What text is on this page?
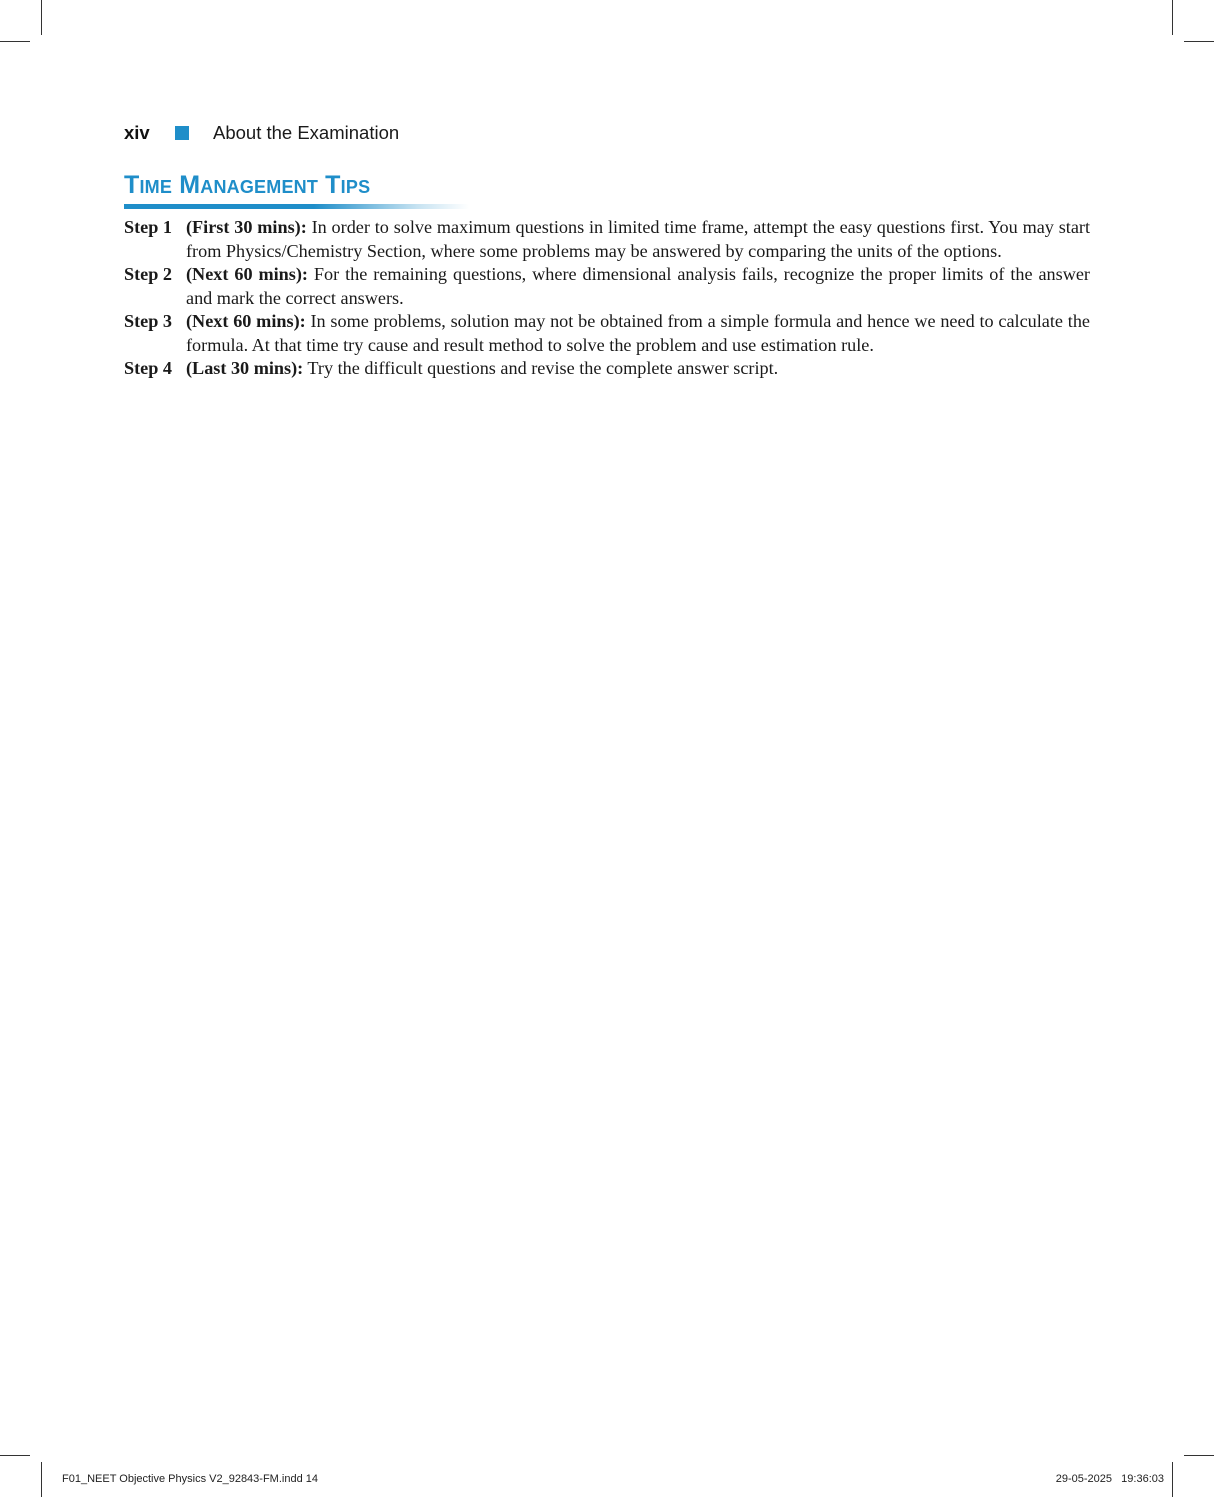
xiv	About the Examination
Time Management Tips
Step 1 (First 30 mins): In order to solve maximum questions in limited time frame, attempt the easy questions first. You may start from Physics/Chemistry Section, where some problems may be answered by comparing the units of the options.
Step 2 (Next 60 mins): For the remaining questions, where dimensional analysis fails, recognize the proper limits of the answer and mark the correct answers.
Step 3 (Next 60 mins): In some problems, solution may not be obtained from a simple formula and hence we need to calculate the formula. At that time try cause and result method to solve the problem and use estimation rule.
Step 4 (Last 30 mins): Try the difficult questions and revise the complete answer script.
F01_NEET Objective Physics V2_92843-FM.indd 14	29-05-2025   19:36:03
